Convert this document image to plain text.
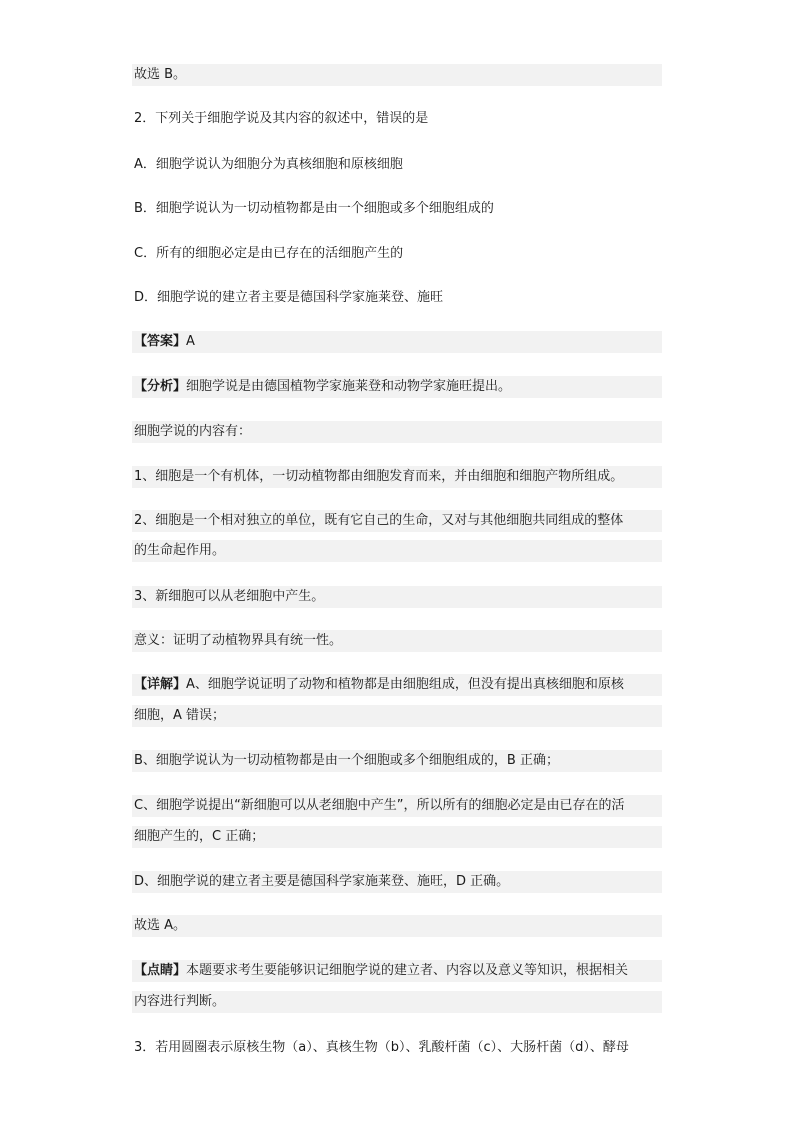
故选 B。
2．下列关于细胞学说及其内容的叙述中，错误的是
A．细胞学说认为细胞分为真核细胞和原核细胞
B．细胞学说认为一切动植物都是由一个细胞或多个细胞组成的
C．所有的细胞必定是由已存在的活细胞产生的
D．细胞学说的建立者主要是德国科学家施莱登、施旺
【答案】A
【分析】细胞学说是由德国植物学家施莱登和动物学家施旺提出。
细胞学说的内容有：
1、细胞是一个有机体，一切动植物都由细胞发育而来，并由细胞和细胞产物所组成。
2、细胞是一个相对独立的单位，既有它自己的生命，又对与其他细胞共同组成的整体
的生命起作用。
3、新细胞可以从老细胞中产生。
意义：证明了动植物界具有统一性。
【详解】A、细胞学说证明了动物和植物都是由细胞组成，但没有提出真核细胞和原核
细胞，A 错误；
B、细胞学说认为一切动植物都是由一个细胞或多个细胞组成的，B 正确；
C、细胞学说提出“新细胞可以从老细胞中产生”，所以所有的细胞必定是由已存在的活
细胞产生的，C 正确；
D、细胞学说的建立者主要是德国科学家施莱登、施旺，D 正确。
故选 A。
【点睛】本题要求考生要能够识记细胞学说的建立者、内容以及意义等知识，根据相关
内容进行判断。
3．若用圆圈表示原核生物（a）、真核生物（b）、乳酸杆菌（c）、大肠杆菌（d）、酵母
